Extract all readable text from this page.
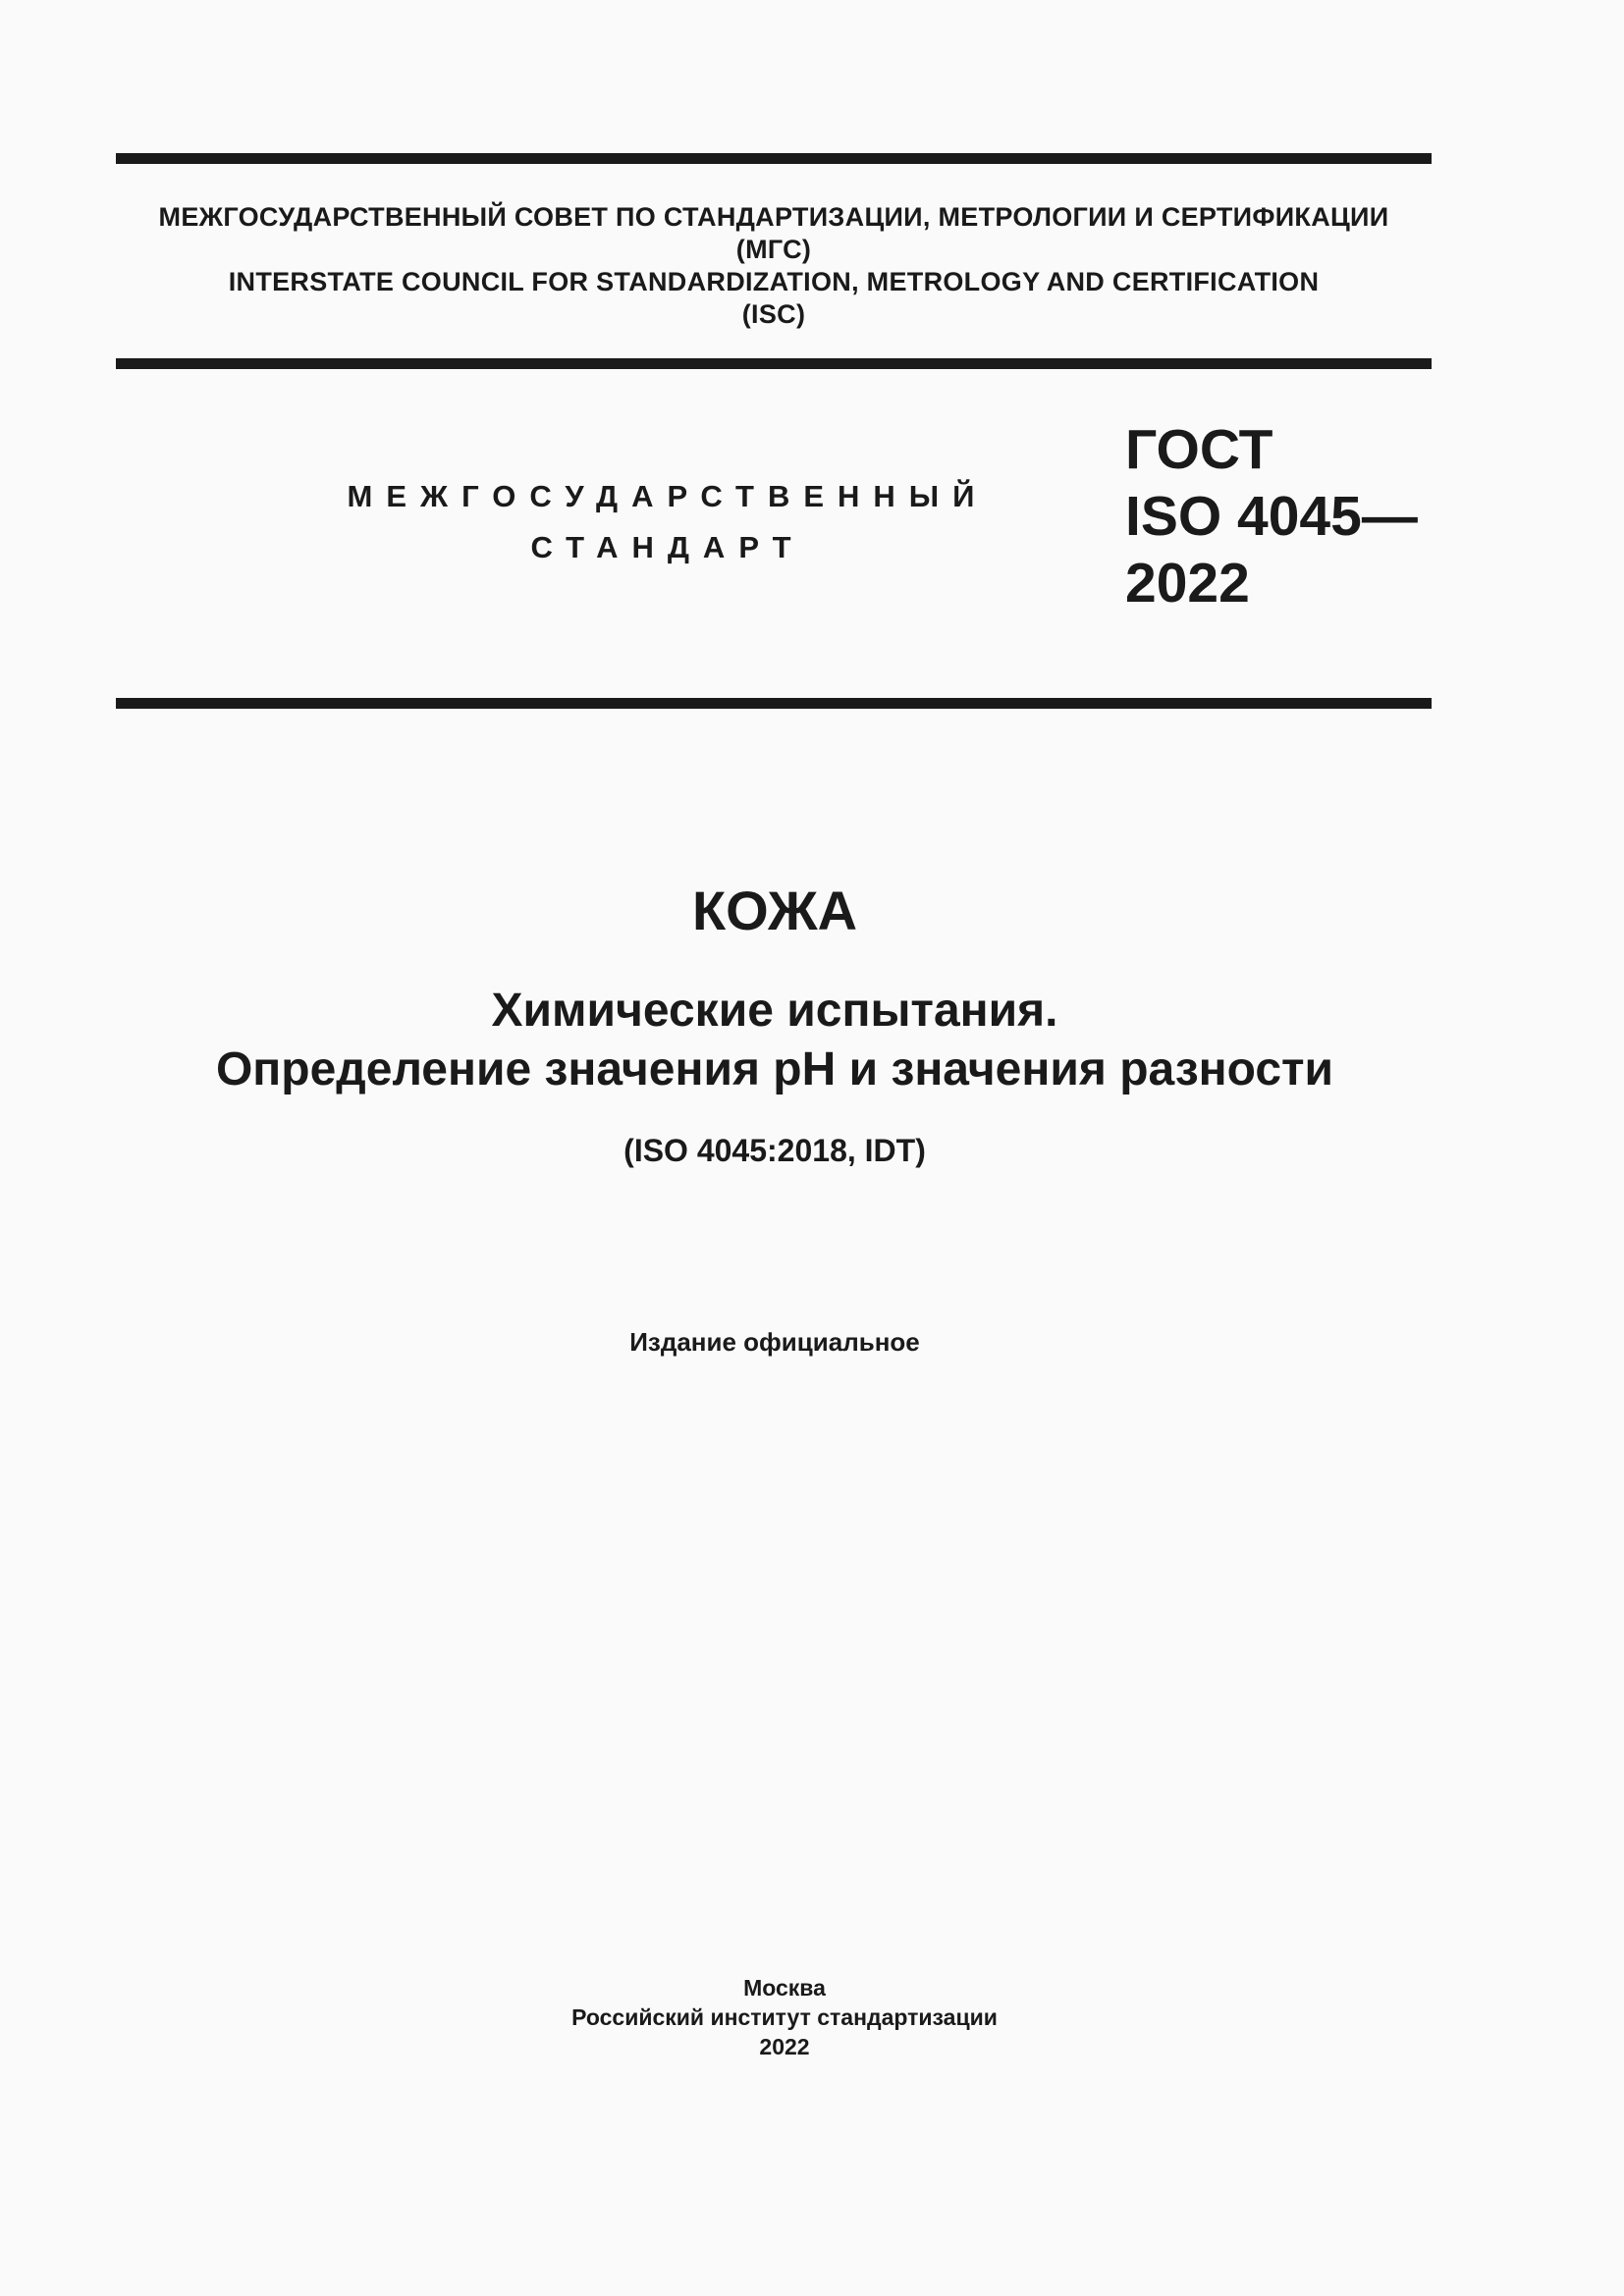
МЕЖГОСУДАРСТВЕННЫЙ СОВЕТ ПО СТАНДАРТИЗАЦИИ, МЕТРОЛОГИИ И СЕРТИФИКАЦИИ
(МГС)
INTERSTATE COUNCIL FOR STANDARDIZATION, METROLOGY AND CERTIFICATION
(ISC)
МЕЖГОСУДАРСТВЕННЫЙ
СТАНДАРТ
ГОСТ
ISO 4045—
2022
КОЖА
Химические испытания.
Определение значения pH и значения разности
(ISO 4045:2018, IDT)
Издание официальное
Москва
Российский институт стандартизации
2022
